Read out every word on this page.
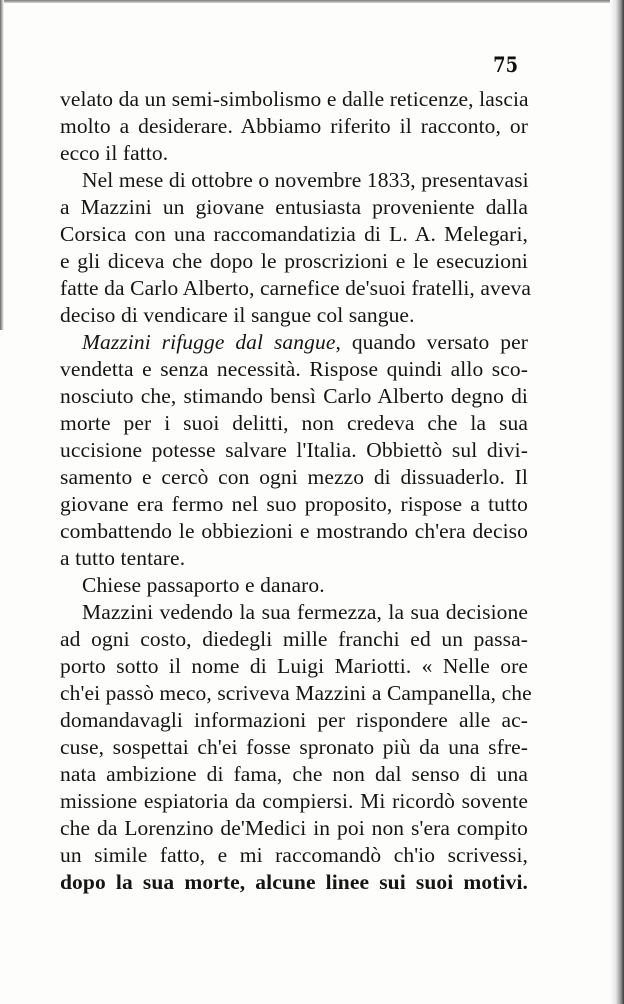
75
velato da un semi-simbolismo e dalle reticenze, lascia
molto a desiderare. Abbiamo riferito il racconto, or
ecco il fatto.
Nel mese di ottobre o novembre 1833, presentavasi
a Mazzini un giovane entusiasta proveniente dalla
Corsica con una raccomandatizia di L. A. Melegari,
e gli diceva che dopo le proscrizioni e le esecuzioni
fatte da Carlo Alberto, carnefice de'suoi fratelli, aveva
deciso di vendicare il sangue col sangue.
Mazzini rifugge dal sangue, quando versato per
vendetta e senza necessità. Rispose quindi allo sco-
nosciuto che, stimando bensì Carlo Alberto degno di
morte per i suoi delitti, non credeva che la sua
uccisione potesse salvare l'Italia. Obbiettò sul divi-
samento e cercò con ogni mezzo di dissuaderlo. Il
giovane era fermo nel suo proposito, rispose a tutto
combattendo le obbiezioni e mostrando ch'era deciso
a tutto tentare.
Chiese passaporto e danaro.
Mazzini vedendo la sua fermezza, la sua decisione
ad ogni costo, diedegli mille franchi ed un passa-
porto sotto il nome di Luigi Mariotti. « Nelle ore
ch'ei passò meco, scriveva Mazzini a Campanella, che
domandavagli informazioni per rispondere alle ac-
cuse, sospettai ch'ei fosse spronato più da una sfre-
nata ambizione di fama, che non dal senso di una
missione espiatoria da compiersi. Mi ricordò sovente
che da Lorenzino de'Medici in poi non s'era compito
un simile fatto, e mi raccomandò ch'io scrivessi,
dopo la sua morte, alcune linee sui suoi motivi.
